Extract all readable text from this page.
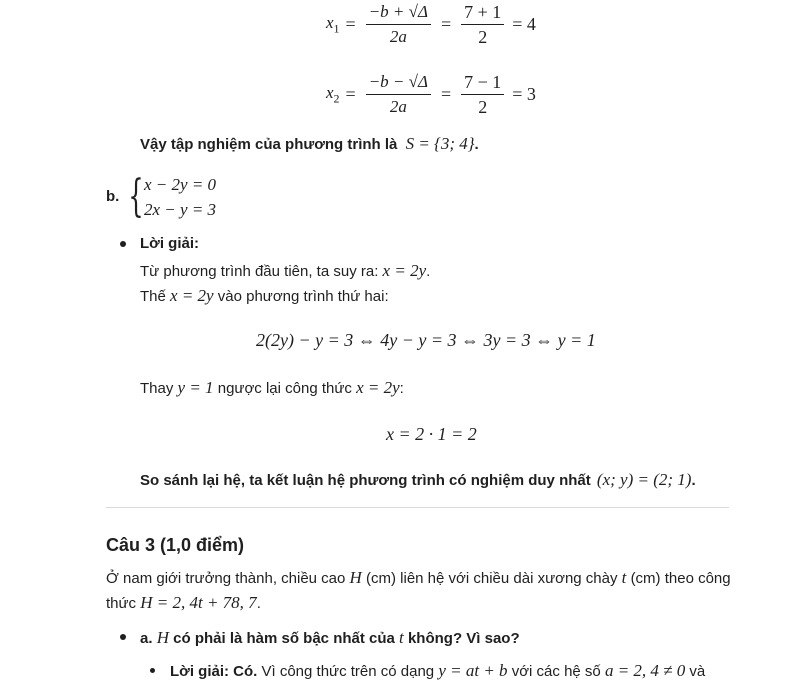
$x_1 = \frac{-b + √\Delta}{2a} = \frac{7 + 1}{2} = 4$
$x_2 = \frac{-b - √\Delta}{2a} = \frac{7 - 1}{2} = 3$
Vậy tập nghiệm của phương trình là S = {3; 4}.
b. { x − 2y = 0
2x − y = 3
Lời giải:
Từ phương trình đầu tiên, ta suy ra: x = 2y.
Thế x = 2y vào phương trình thứ hai:
2(2y) − y = 3 ⇔ 4y − y = 3 ⇔ 3y = 3 ⇔ y = 1
Thay y = 1 ngược lại công thức x = 2y:
x = 2 · 1 = 2
So sánh lại hệ, ta kết luận hệ phương trình có nghiệm duy nhất (x; y) = (2; 1).
Câu 3 (1,0 điểm)
Ở nam giới trưởng thành, chiều cao H (cm) liên hệ với chiều dài xương chày t (cm) theo công
thức H = 2, 4t + 78, 7.
a. H có phải là hàm số bậc nhất của t không? Vì sao?
Lời giải: Có. Vì công thức trên có dạng y = at + b với các hệ số a = 2, 4 ≠ 0 và
